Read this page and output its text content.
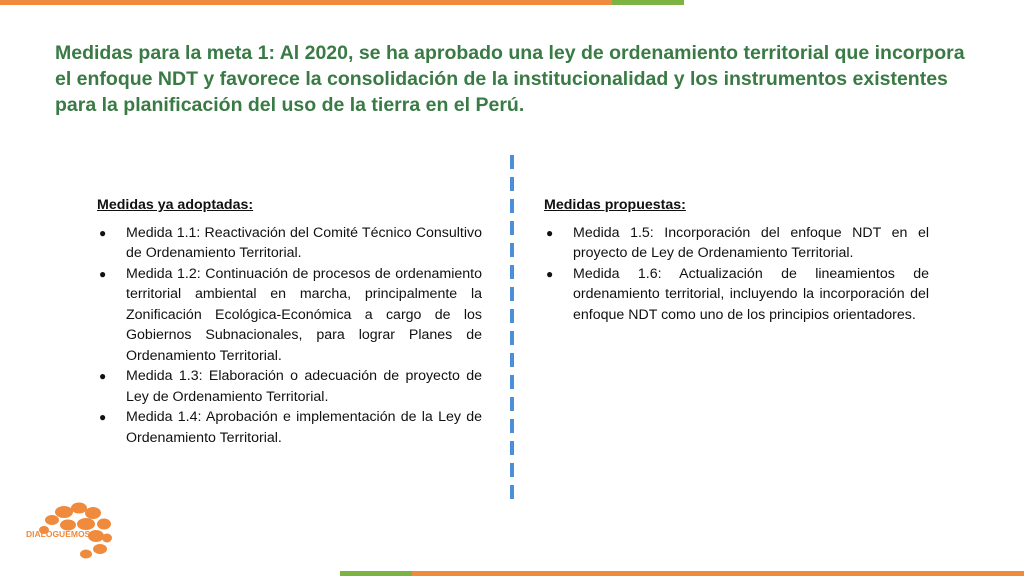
Medidas para la meta 1: Al 2020, se ha aprobado una ley de ordenamiento territorial que incorpora el enfoque NDT y favorece la consolidación de la institucionalidad y los instrumentos existentes para la planificación del uso de la tierra en el Perú.
Medidas ya adoptadas:
● Medida 1.1: Reactivación del Comité Técnico Consultivo de Ordenamiento Territorial.
● Medida 1.2: Continuación de procesos de ordenamiento territorial ambiental en marcha, principalmente la Zonificación Ecológica-Económica a cargo de los Gobiernos Subnacionales, para lograr Planes de Ordenamiento Territorial.
● Medida 1.3: Elaboración o adecuación de proyecto de Ley de Ordenamiento Territorial.
● Medida 1.4: Aprobación e implementación de la Ley de Ordenamiento Territorial.
Medidas propuestas:
● Medida 1.5: Incorporación del enfoque NDT en el proyecto de Ley de Ordenamiento Territorial.
● Medida 1.6: Actualización de lineamientos de ordenamiento territorial, incluyendo la incorporación del enfoque NDT como uno de los principios orientadores.
DIALOGUEMOS
